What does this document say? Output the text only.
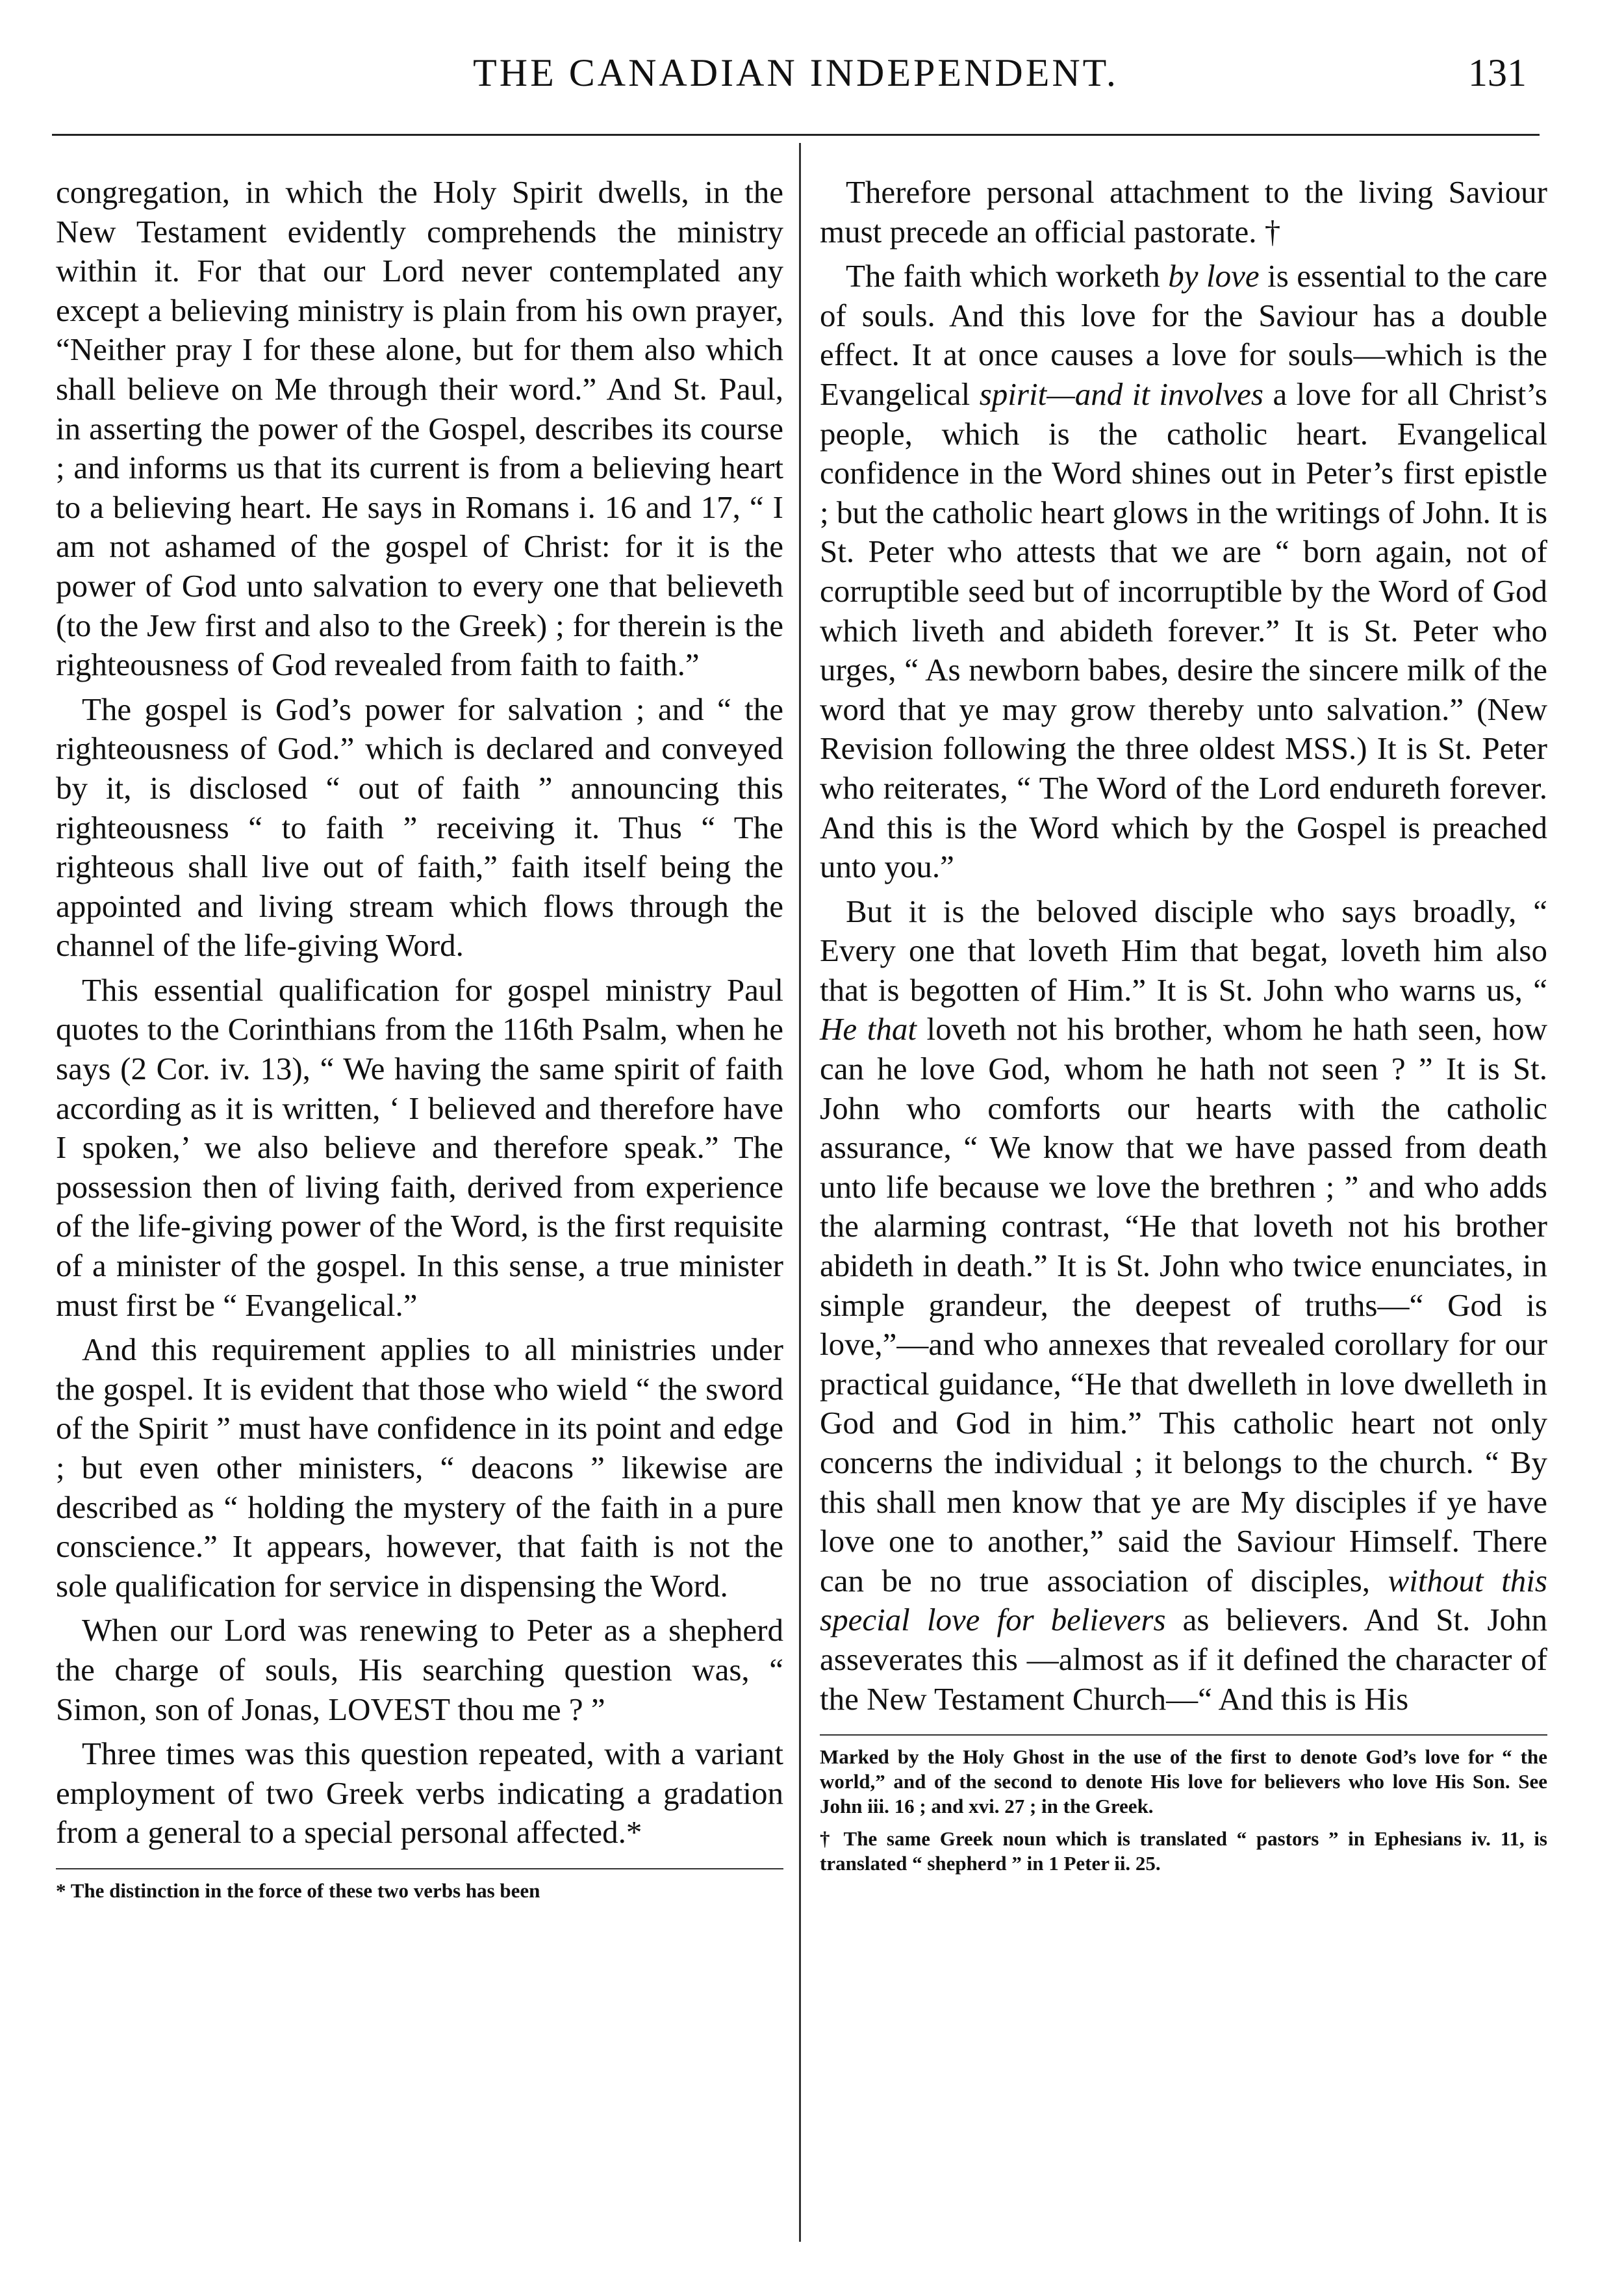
THE CANADIAN INDEPENDENT.	131

congregation, in which the Holy Spirit dwells, in the New Testament evidently comprehends the ministry within it. For that our Lord never contemplated any except a believing ministry is plain from his own prayer, “Neither pray I for these alone, but for them also which shall believe on Me through their word.” And St. Paul, in asserting the power of the Gospel, describes its course ; and informs us that its current is from a believing heart to a believing heart. He says in Romans i. 16 and 17, “ I am not ashamed of the gospel of Christ: for it is the power of God unto salvation to every one that believeth (to the Jew first and also to the Greek) ; for therein is the righteousness of God revealed from faith to faith.”

The gospel is God’s power for salvation ; and “ the righteousness of God.” which is declared and conveyed by it, is disclosed “ out of faith ” announcing this righteousness “ to faith ” receiving it. Thus “ The righteous shall live out of faith,” faith itself being the appointed and living stream which flows through the channel of the life-giving Word.

This essential qualification for gospel ministry Paul quotes to the Corinthians from the 116th Psalm, when he says (2 Cor. iv. 13), “ We having the same spirit of faith according as it is written, ‘ I believed and therefore have I spoken,’ we also believe and therefore speak.” The possession then of living faith, derived from experience of the life-giving power of the Word, is the first requisite of a minister of the gospel. In this sense, a true minister must first be “ Evangelical.”

And this requirement applies to all ministries under the gospel. It is evident that those who wield “ the sword of the Spirit ” must have confidence in its point and edge ; but even other ministers, “ deacons ” likewise are described as “ holding the mystery of the faith in a pure conscience.” It appears, however, that faith is not the sole qualification for service in dispensing the Word.

When our Lord was renewing to Peter as a shepherd the charge of souls, His searching question was, “ Simon, son of Jonas, LOVEST thou me ? ”

Three times was this question repeated, with a variant employment of two Greek verbs indicating a gradation from a general to a special personal affected.*

* The distinction in the force of these two verbs has been

Therefore personal attachment to the living Saviour must precede an official pastorate. †

The faith which worketh by love is essential to the care of souls. And this love for the Saviour has a double effect. It at once causes a love for souls—which is the Evangelical spirit—and it involves a love for all Christ’s people, which is the catholic heart. Evangelical confidence in the Word shines out in Peter’s first epistle ; but the catholic heart glows in the writings of John. It is St. Peter who attests that we are “ born again, not of corruptible seed but of incorruptible by the Word of God which liveth and abideth forever.” It is St. Peter who urges, “ As newborn babes, desire the sincere milk of the word that ye may grow thereby unto salvation.” (New Revision following the three oldest MSS.) It is St. Peter who reiterates, “ The Word of the Lord endureth forever. And this is the Word which by the Gospel is preached unto you.”

But it is the beloved disciple who says broadly, “ Every one that loveth Him that begat, loveth him also that is begotten of Him.” It is St. John who warns us, “ He that loveth not his brother, whom he hath seen, how can he love God, whom he hath not seen ? ” It is St. John who comforts our hearts with the catholic assurance, “ We know that we have passed from death unto life because we love the brethren ; ” and who adds the alarming contrast, “He that loveth not his brother abideth in death.” It is St. John who twice enunciates, in simple grandeur, the deepest of truths—“ God is love,”—and who annexes that revealed corollary for our practical guidance, “He that dwelleth in love dwelleth in God and God in him.” This catholic heart not only concerns the individual ; it belongs to the church. “ By this shall men know that ye are My disciples if ye have love one to another,” said the Saviour Himself. There can be no true association of disciples, without this special love for believers as believers. And St. John asseverates this —almost as if it defined the character of the New Testament Church—“ And this is His

Marked by the Holy Ghost in the use of the first to denote God’s love for “ the world,” and of the second to denote His love for believers who love His Son. See John iii. 16 ; and xvi. 27 ; in the Greek.

† The same Greek noun which is translated “ pastors ” in Ephesians iv. 11, is translated “ shepherd ” in 1 Peter ii. 25.
